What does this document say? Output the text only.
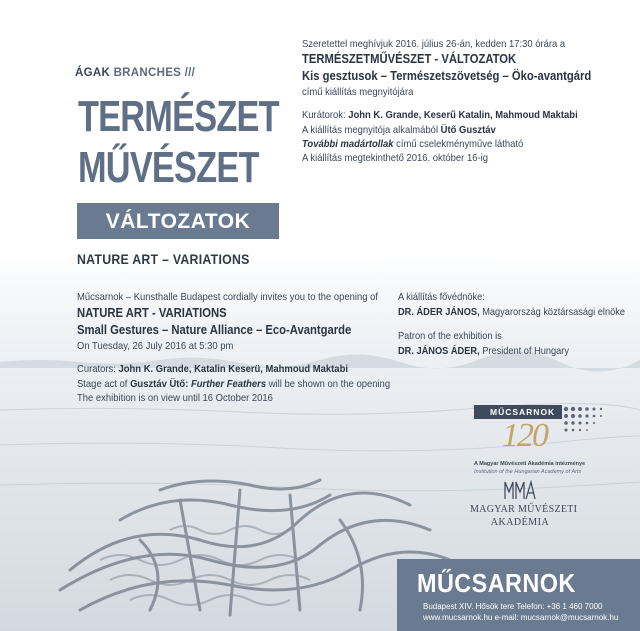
ÁGAK BRANCHES ///
TERMÉSZET
MŰVÉSZET
VÁLTOZATOK
NATURE ART – VARIATIONS
Szeretettel meghívjuk 2016. július 26-án, kedden 17:30 órára a
TERMÉSZETMŰVÉSZET - VÁLTOZATOK
Kis gesztusok – Természetszövetség – Öko-avantgárd
című kiállítás megnyitójára
Kurátorok: John K. Grande, Keserű Katalin, Mahmoud Maktabi
A kiállítás megnyitója alkalmából Ütő Gusztáv
További madártollak című cselekményműve látható
A kiállítás megtekinthető 2016. október 16-ig
Műcsarnok – Kunsthalle Budapest cordially invites you to the opening of
NATURE ART - VARIATIONS
Small Gestures – Nature Alliance – Eco-Avantgarde
On Tuesday, 26 July 2016 at 5:30 pm
Curators: John K. Grande, Katalin Keserü, Mahmoud Maktabi
Stage act of Gusztáv Ütő: Further Feathers will be shown on the opening
The exhibition is on view until 16 October 2016
A kiállítás fővédnöke:
DR. ÁDER JÁNOS, Magyarország köztársasági elnöke
Patron of the exhibition is
DR. JÁNOS ÁDER, President of Hungary
MŰCSARNOK
120
A Magyar Művészeti Akadémia intézménye
Institution of the Hungarian Academy of Arts
MAGYAR MŰVÉSZETI
AKADÉMIA
MŰCSARNOK
Budapest XIV. Hősök tere Telefon: +36 1 460 7000
www.mucsarnok.hu e-mail: mucsarnok@mucsarnok.hu
